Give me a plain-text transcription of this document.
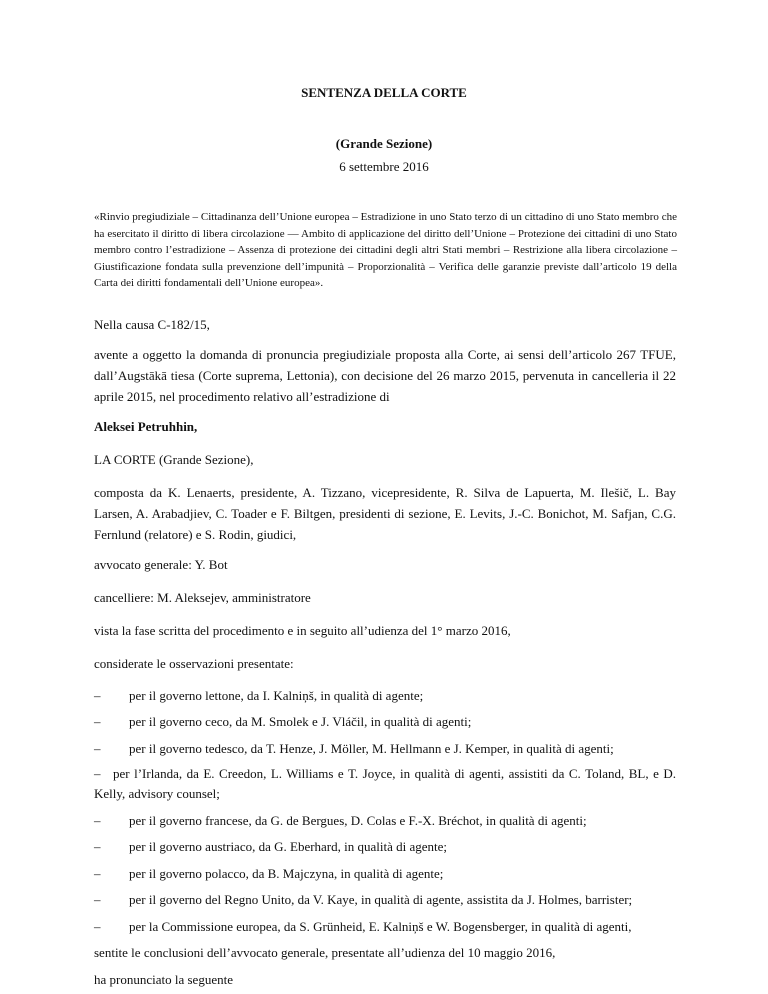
SENTENZA DELLA CORTE
(Grande Sezione)
6 settembre 2016
«Rinvio pregiudiziale – Cittadinanza dell’Unione europea – Estradizione in uno Stato terzo di un cittadino di uno Stato membro che ha esercitato il diritto di libera circolazione — Ambito di applicazione del diritto dell’Unione – Protezione dei cittadini di uno Stato membro contro l’estradizione – Assenza di protezione dei cittadini degli altri Stati membri – Restrizione alla libera circolazione – Giustificazione fondata sulla prevenzione dell’impunità – Proporzionalità – Verifica delle garanzie previste dall’articolo 19 della Carta dei diritti fondamentali dell’Unione europea».
Nella causa C‑182/15,
avente a oggetto la domanda di pronuncia pregiudiziale proposta alla Corte, ai sensi dell’articolo 267 TFUE, dall’Augstākā tiesa (Corte suprema, Lettonia), con decisione del 26 marzo 2015, pervenuta in cancelleria il 22 aprile 2015, nel procedimento relativo all’estradizione di
Aleksei Petruhhin,
LA CORTE (Grande Sezione),
composta da K. Lenaerts, presidente, A. Tizzano, vicepresidente, R. Silva de Lapuerta, M. Ilešič, L. Bay Larsen, A. Arabadjiev, C. Toader e F. Biltgen, presidenti di sezione, E. Levits, J.-C. Bonichot, M. Safjan, C.G. Fernlund (relatore) e S. Rodin, giudici,
avvocato generale: Y. Bot
cancelliere: M. Aleksejev, amministratore
vista la fase scritta del procedimento e in seguito all’udienza del 1° marzo 2016,
considerate le osservazioni presentate:
– per il governo lettone, da I. Kalniņš, in qualità di agente;
– per il governo ceco, da M. Smolek e J. Vláčil, in qualità di agenti;
– per il governo tedesco, da T. Henze, J. Möller, M. Hellmann e J. Kemper, in qualità di agenti;
– per l’Irlanda, da E. Creedon, L. Williams e T. Joyce, in qualità di agenti, assistiti da C. Toland, BL, e D. Kelly, advisory counsel;
– per il governo francese, da G. de Bergues, D. Colas e F.-X. Bréchot, in qualità di agenti;
– per il governo austriaco, da G. Eberhard, in qualità di agente;
– per il governo polacco, da B. Majczyna, in qualità di agente;
– per il governo del Regno Unito, da V. Kaye, in qualità di agente, assistita da J. Holmes, barrister;
– per la Commissione europea, da S. Grünheid, E. Kalniņš e W. Bogensberger, in qualità di agenti,
sentite le conclusioni dell’avvocato generale, presentate all’udienza del 10 maggio 2016,
ha pronunciato la seguente
